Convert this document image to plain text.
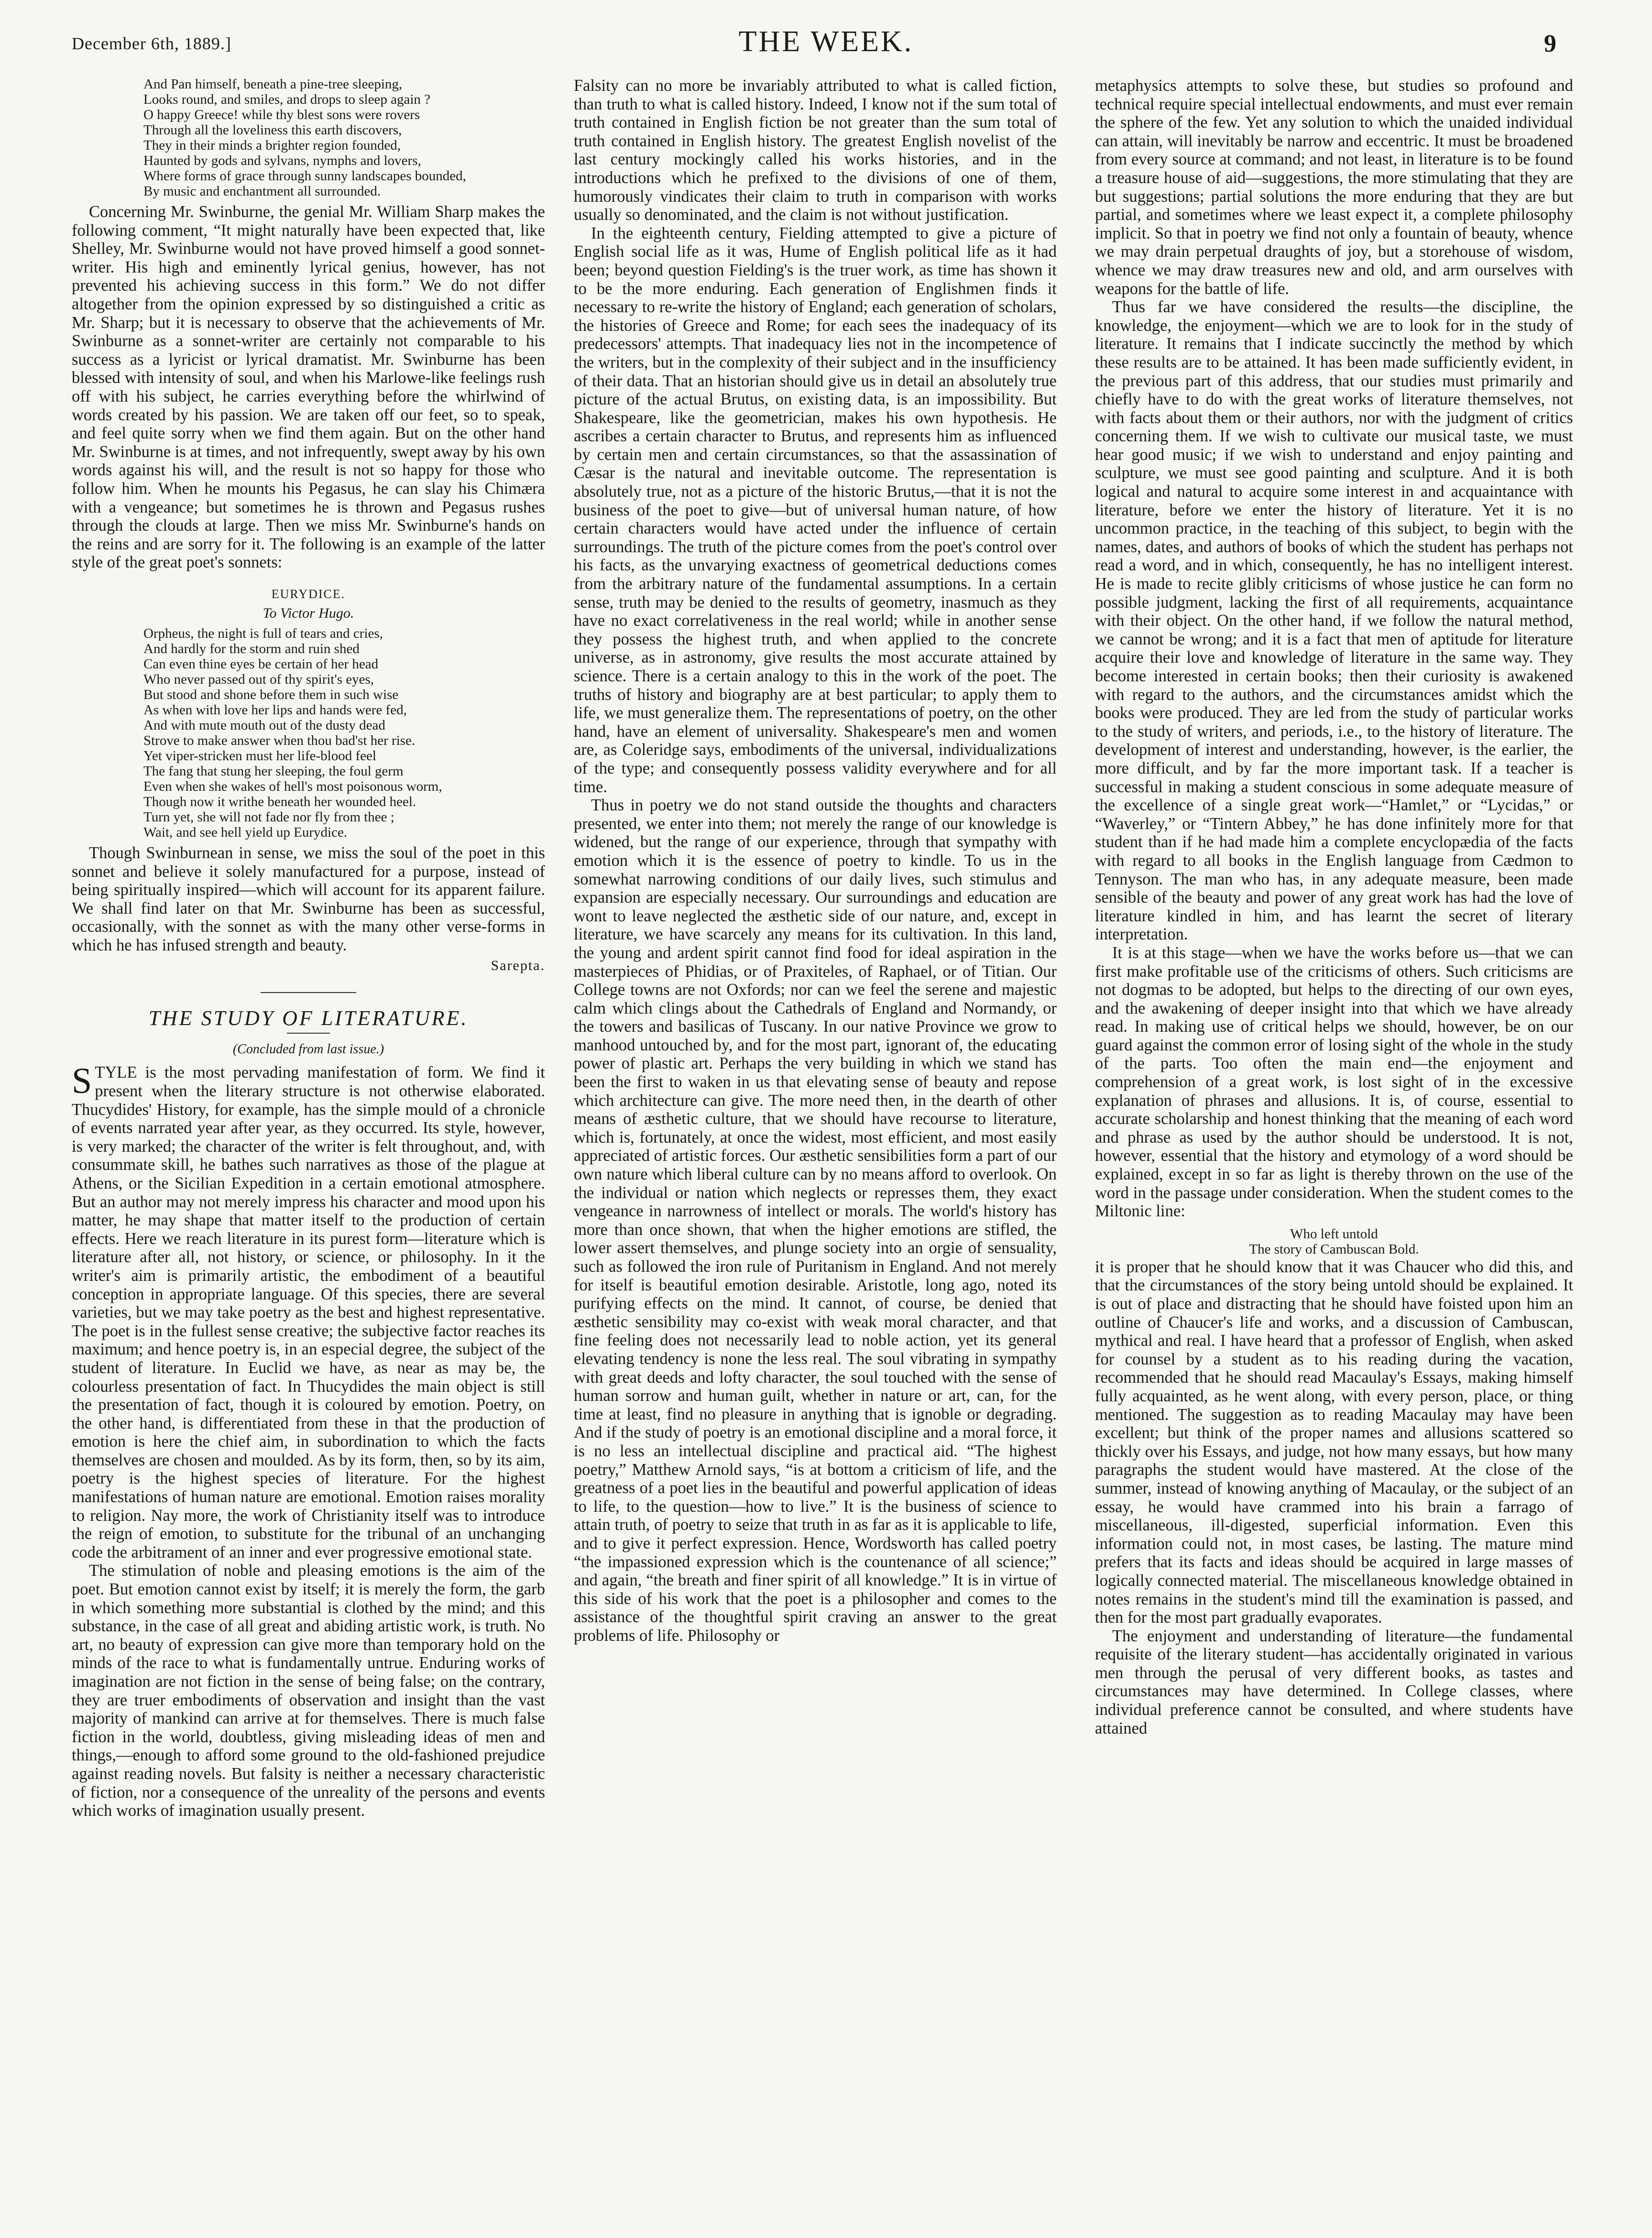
December 6th, 1889.]	THE WEEK.	9
And Pan himself, beneath a pine-tree sleeping,
Looks round, and smiles, and drops to sleep again ?
O happy Greece! while thy blest sons were rovers
Through all the loveliness this earth discovers,
They in their minds a brighter region founded,
Haunted by gods and sylvans, nymphs and lovers,
Where forms of grace through sunny landscapes bounded,
By music and enchantment all surrounded.

Concerning Mr. Swinburne, the genial Mr. William Sharp makes the following comment, “It might naturally have been expected that, like Shelley, Mr. Swinburne would not have proved himself a good sonnet-writer. His high and eminently lyrical genius, however, has not prevented his achieving success in this form.” We do not differ altogether from the opinion expressed by so distinguished a critic as Mr. Sharp; but it is necessary to observe that the achievements of Mr. Swinburne as a sonnet-writer are certainly not comparable to his success as a lyricist or lyrical dramatist. Mr. Swinburne has been blessed with intensity of soul, and when his Marlowe-like feelings rush off with his subject, he carries everything before the whirlwind of words created by his passion. We are taken off our feet, so to speak, and feel quite sorry when we find them again. But on the other hand Mr. Swinburne is at times, and not infrequently, swept away by his own words against his will, and the result is not so happy for those who follow him. When he mounts his Pegasus, he can slay his Chimæra with a vengeance; but sometimes he is thrown and Pegasus rushes through the clouds at large. Then we miss Mr. Swinburne's hands on the reins and are sorry for it. The following is an example of the latter style of the great poet's sonnets:

EURYDICE.
To Victor Hugo.
Orpheus, the night is full of tears and cries,
And hardly for the storm and ruin shed
Can even thine eyes be certain of her head
Who never passed out of thy spirit's eyes,
But stood and shone before them in such wise
As when with love her lips and hands were fed,
And with mute mouth out of the dusty dead
Strove to make answer when thou bad'st her rise.
Yet viper-stricken must her life-blood feel
The fang that stung her sleeping, the foul germ
Even when she wakes of hell's most poisonous worm,
Though now it writhe beneath her wounded heel.
Turn yet, she will not fade nor fly from thee ;
Wait, and see hell yield up Eurydice.

Though Swinburnean in sense, we miss the soul of the poet in this sonnet and believe it solely manufactured for a purpose, instead of being spiritually inspired—which will account for its apparent failure. We shall find later on that Mr. Swinburne has been as successful, occasionally, with the sonnet as with the many other verse-forms in which he has infused strength and beauty.

Sarepta.
THE STUDY OF LITERATURE.
(Concluded from last issue.)

STYLE is the most pervading manifestation of form. We find it present when the literary structure is not otherwise elaborated. Thucydides' History, for example, has the simple mould of a chronicle of events narrated year after year, as they occurred. Its style, however, is very marked; the character of the writer is felt throughout, and, with consummate skill, he bathes such narratives as those of the plague at Athens, or the Sicilian Expedition in a certain emotional atmosphere. But an author may not merely impress his character and mood upon his matter, he may shape that matter itself to the production of certain effects. Here we reach literature in its purest form—literature which is literature after all, not history, or science, or philosophy. In it the writer's aim is primarily artistic, the embodiment of a beautiful conception in appropriate language. Of this species, there are several varieties, but we may take poetry as the best and highest representative. The poet is in the fullest sense creative; the subjective factor reaches its maximum; and hence poetry is, in an especial degree, the subject of the student of literature. In Euclid we have, as near as may be, the colourless presentation of fact. In Thucydides the main object is still the presentation of fact, though it is coloured by emotion. Poetry, on the other hand, is differentiated from these in that the production of emotion is here the chief aim, in subordination to which the facts themselves are chosen and moulded. As by its form, then, so by its aim, poetry is the highest species of literature. For the highest manifestations of human nature are emotional. Emotion raises morality to religion. Nay more, the work of Christianity itself was to introduce the reign of emotion, to substitute for the tribunal of an unchanging code the arbitrament of an inner and ever progressive emotional state.

The stimulation of noble and pleasing emotions is the aim of the poet. But emotion cannot exist by itself; it is merely the form, the garb in which something more substantial is clothed by the mind; and this substance, in the case of all great and abiding artistic work, is truth. No art, no beauty of expression can give more than temporary hold on the minds of the race to what is fundamentally untrue. Enduring works of imagination are not fiction in the sense of being false; on the contrary, they are truer embodiments of observation and insight than the vast majority of mankind can arrive at for themselves. There is much false fiction in the world, doubtless, giving misleading ideas of men and things,—enough to afford some ground to the old-fashioned prejudice against reading novels. But falsity is neither a necessary characteristic of fiction, nor a consequence of the unreality of the persons and events which works of imagination usually present.

Falsity can no more be invariably attributed to what is called fiction, than truth to what is called history. Indeed, I know not if the sum total of truth contained in English fiction be not greater than the sum total of truth contained in English history. The greatest English novelist of the last century mockingly called his works histories, and in the introductions which he prefixed to the divisions of one of them, humorously vindicates their claim to truth in comparison with works usually so denominated, and the claim is not without justification.

In the eighteenth century, Fielding attempted to give a picture of English social life as it was, Hume of English political life as it had been; beyond question Fielding's is the truer work, as time has shown it to be the more enduring. Each generation of Englishmen finds it necessary to re-write the history of England; each generation of scholars, the histories of Greece and Rome; for each sees the inadequacy of its predecessors' attempts. That inadequacy lies not in the incompetence of the writers, but in the complexity of their subject and in the insufficiency of their data. That an historian should give us in detail an absolutely true picture of the actual Brutus, on existing data, is an impossibility. But Shakespeare, like the geometrician, makes his own hypothesis. He ascribes a certain character to Brutus, and represents him as influenced by certain men and certain circumstances, so that the assassination of Cæsar is the natural and inevitable outcome. The representation is absolutely true, not as a picture of the historic Brutus,—that it is not the business of the poet to give—but of universal human nature, of how certain characters would have acted under the influence of certain surroundings. The truth of the picture comes from the poet's control over his facts, as the unvarying exactness of geometrical deductions comes from the arbitrary nature of the fundamental assumptions. In a certain sense, truth may be denied to the results of geometry, inasmuch as they have no exact correlativeness in the real world; while in another sense they possess the highest truth, and when applied to the concrete universe, as in astronomy, give results the most accurate attained by science. There is a certain analogy to this in the work of the poet. The truths of history and biography are at best particular; to apply them to life, we must generalize them. The representations of poetry, on the other hand, have an element of universality. Shakespeare's men and women are, as Coleridge says, embodiments of the universal, individualizations of the type; and consequently possess validity everywhere and for all time.

Thus in poetry we do not stand outside the thoughts and characters presented, we enter into them; not merely the range of our knowledge is widened, but the range of our experience, through that sympathy with emotion which it is the essence of poetry to kindle. To us in the somewhat narrowing conditions of our daily lives, such stimulus and expansion are especially necessary. Our surroundings and education are wont to leave neglected the æsthetic side of our nature, and, except in literature, we have scarcely any means for its cultivation. In this land, the young and ardent spirit cannot find food for ideal aspiration in the masterpieces of Phidias, or of Praxiteles, of Raphael, or of Titian. Our College towns are not Oxfords; nor can we feel the serene and majestic calm which clings about the Cathedrals of England and Normandy, or the towers and basilicas of Tuscany. In our native Province we grow to manhood untouched by, and for the most part, ignorant of, the educating power of plastic art. Perhaps the very building in which we stand has been the first to waken in us that elevating sense of beauty and repose which architecture can give. The more need then, in the dearth of other means of æsthetic culture, that we should have recourse to literature, which is, fortunately, at once the widest, most efficient, and most easily appreciated of artistic forces. Our æsthetic sensibilities form a part of our own nature which liberal culture can by no means afford to overlook. On the individual or nation which neglects or represses them, they exact vengeance in narrowness of intellect or morals. The world's history has more than once shown, that when the higher emotions are stifled, the lower assert themselves, and plunge society into an orgie of sensuality, such as followed the iron rule of Puritanism in England. And not merely for itself is beautiful emotion desirable. Aristotle, long ago, noted its purifying effects on the mind. It cannot, of course, be denied that æsthetic sensibility may co-exist with weak moral character, and that fine feeling does not necessarily lead to noble action, yet its general elevating tendency is none the less real. The soul vibrating in sympathy with great deeds and lofty character, the soul touched with the sense of human sorrow and human guilt, whether in nature or art, can, for the time at least, find no pleasure in anything that is ignoble or degrading. And if the study of poetry is an emotional discipline and a moral force, it is no less an intellectual discipline and practical aid. “The highest poetry,” Matthew Arnold says, “is at bottom a criticism of life, and the greatness of a poet lies in the beautiful and powerful application of ideas to life, to the question—how to live.” It is the business of science to attain truth, of poetry to seize that truth in as far as it is applicable to life, and to give it perfect expression. Hence, Wordsworth has called poetry “the impassioned expression which is the countenance of all science;” and again, “the breath and finer spirit of all knowledge.” It is in virtue of this side of his work that the poet is a philosopher and comes to the assistance of the thoughtful spirit craving an answer to the great problems of life. Philosophy or

metaphysics attempts to solve these, but studies so profound and technical require special intellectual endowments, and must ever remain the sphere of the few. Yet any solution to which the unaided individual can attain, will inevitably be narrow and eccentric. It must be broadened from every source at command; and not least, in literature is to be found a treasure house of aid—suggestions, the more stimulating that they are but suggestions; partial solutions the more enduring that they are but partial, and sometimes where we least expect it, a complete philosophy implicit. So that in poetry we find not only a fountain of beauty, whence we may drain perpetual draughts of joy, but a storehouse of wisdom, whence we may draw treasures new and old, and arm ourselves with weapons for the battle of life.

Thus far we have considered the results—the discipline, the knowledge, the enjoyment—which we are to look for in the study of literature. It remains that I indicate succinctly the method by which these results are to be attained. It has been made sufficiently evident, in the previous part of this address, that our studies must primarily and chiefly have to do with the great works of literature themselves, not with facts about them or their authors, nor with the judgment of critics concerning them. If we wish to cultivate our musical taste, we must hear good music; if we wish to understand and enjoy painting and sculpture, we must see good painting and sculpture. And it is both logical and natural to acquire some interest in and acquaintance with literature, before we enter the history of literature. Yet it is no uncommon practice, in the teaching of this subject, to begin with the names, dates, and authors of books of which the student has perhaps not read a word, and in which, consequently, he has no intelligent interest. He is made to recite glibly criticisms of whose justice he can form no possible judgment, lacking the first of all requirements, acquaintance with their object. On the other hand, if we follow the natural method, we cannot be wrong; and it is a fact that men of aptitude for literature acquire their love and knowledge of literature in the same way. They become interested in certain books; then their curiosity is awakened with regard to the authors, and the circumstances amidst which the books were produced. They are led from the study of particular works to the study of writers, and periods, i.e., to the history of literature. The development of interest and understanding, however, is the earlier, the more difficult, and by far the more important task. If a teacher is successful in making a student conscious in some adequate measure of the excellence of a single great work—“Hamlet,” or “Lycidas,” or “Waverley,” or “Tintern Abbey,” he has done infinitely more for that student than if he had made him a complete encyclopædia of the facts with regard to all books in the English language from Cædmon to Tennyson. The man who has, in any adequate measure, been made sensible of the beauty and power of any great work has had the love of literature kindled in him, and has learnt the secret of literary interpretation.

It is at this stage—when we have the works before us—that we can first make profitable use of the criticisms of others. Such criticisms are not dogmas to be adopted, but helps to the directing of our own eyes, and the awakening of deeper insight into that which we have already read. In making use of critical helps we should, however, be on our guard against the common error of losing sight of the whole in the study of the parts. Too often the main end—the enjoyment and comprehension of a great work, is lost sight of in the excessive explanation of phrases and allusions. It is, of course, essential to accurate scholarship and honest thinking that the meaning of each word and phrase as used by the author should be understood. It is not, however, essential that the history and etymology of a word should be explained, except in so far as light is thereby thrown on the use of the word in the passage under consideration. When the student comes to the Miltonic line:

Who left untold
The story of Cambuscan Bold.

it is proper that he should know that it was Chaucer who did this, and that the circumstances of the story being untold should be explained. It is out of place and distracting that he should have foisted upon him an outline of Chaucer's life and works, and a discussion of Cambuscan, mythical and real. I have heard that a professor of English, when asked for counsel by a student as to his reading during the vacation, recommended that he should read Macaulay's Essays, making himself fully acquainted, as he went along, with every person, place, or thing mentioned. The suggestion as to reading Macaulay may have been excellent; but think of the proper names and allusions scattered so thickly over his Essays, and judge, not how many essays, but how many paragraphs the student would have mastered. At the close of the summer, instead of knowing anything of Macaulay, or the subject of an essay, he would have crammed into his brain a farrago of miscellaneous, ill-digested, superficial information. Even this information could not, in most cases, be lasting. The mature mind prefers that its facts and ideas should be acquired in large masses of logically connected material. The miscellaneous knowledge obtained in notes remains in the student's mind till the examination is passed, and then for the most part gradually evaporates.

The enjoyment and understanding of literature—the fundamental requisite of the literary student—has accidentally originated in various men through the perusal of very different books, as tastes and circumstances may have determined. In College classes, where individual preference cannot be consulted, and where students have attained
